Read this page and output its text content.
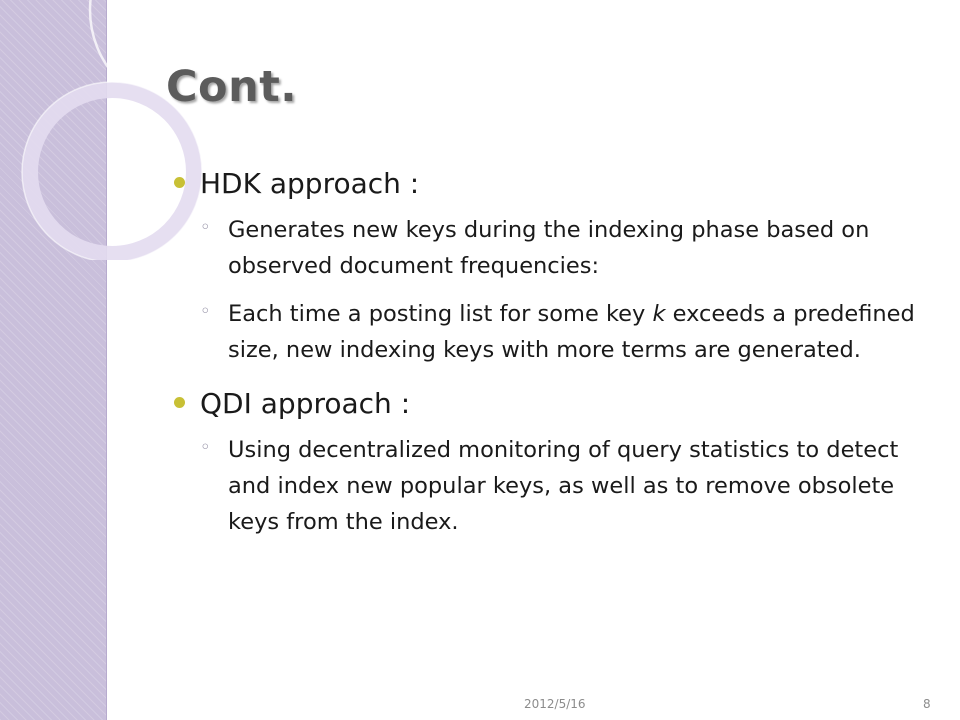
Cont.
HDK approach :
◦ Generates new keys during the indexing phase based on observed document frequencies:
◦ Each time a posting list for some key k exceeds a predefined size, new indexing keys with more terms are generated.
QDI approach :
◦ Using decentralized monitoring of query statistics to detect and index new popular keys, as well as to remove obsolete keys from the index.
2012/5/16	8
